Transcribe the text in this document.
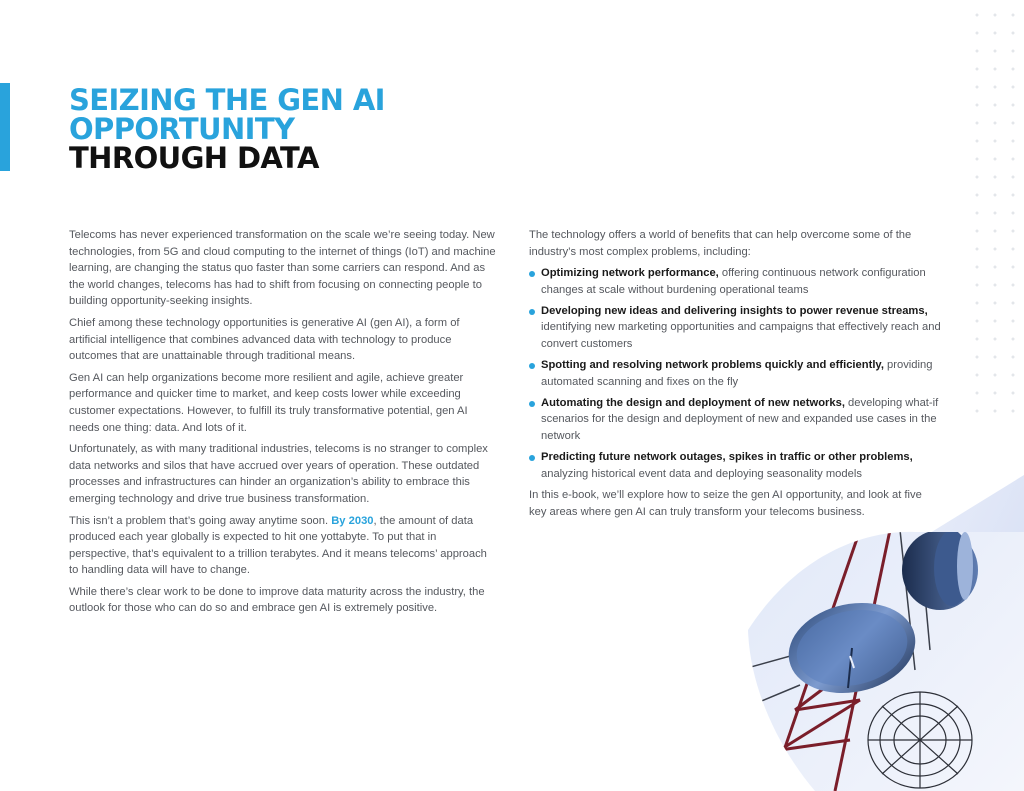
SEIZING THE GEN AI
OPPORTUNITY
THROUGH DATA

Telecoms has never experienced transformation on the scale we’re seeing today. New technologies, from 5G and cloud computing to the internet of things (IoT) and machine learning, are changing the status quo faster than some carriers can respond. And as the world changes, telecoms has had to shift from focusing on connecting people to building opportunity-seeking insights.

Chief among these technology opportunities is generative AI (gen AI), a form of artificial intelligence that combines advanced data with technology to produce outcomes that are unattainable through traditional means.

Gen AI can help organizations become more resilient and agile, achieve greater performance and quicker time to market, and keep costs lower while exceeding customer expectations. However, to fulfill its truly transformative potential, gen AI needs one thing: data. And lots of it.

Unfortunately, as with many traditional industries, telecoms is no stranger to complex data networks and silos that have accrued over years of operation. These outdated processes and infrastructures can hinder an organization’s ability to embrace this emerging technology and drive true business transformation.

This isn’t a problem that’s going away anytime soon. By 2030, the amount of data produced each year globally is expected to hit one yottabyte. To put that in perspective, that’s equivalent to a trillion terabytes. And it means telecoms’ approach to handling data will have to change.

While there’s clear work to be done to improve data maturity across the industry, the outlook for those who can do so and embrace gen AI is extremely positive.

The technology offers a world of benefits that can help overcome some of the industry’s most complex problems, including:

Optimizing network performance, offering continuous network configuration changes at scale without burdening operational teams
Developing new ideas and delivering insights to power revenue streams, identifying new marketing opportunities and campaigns that effectively reach and convert customers
Spotting and resolving network problems quickly and efficiently, providing automated scanning and fixes on the fly
Automating the design and deployment of new networks, developing what-if scenarios for the design and deployment of new and expanded use cases in the network
Predicting future network outages, spikes in traffic or other problems, analyzing historical event data and deploying seasonality models

In this e-book, we’ll explore how to seize the gen AI opportunity, and look at five key areas where gen AI can truly transform your telecoms business.
